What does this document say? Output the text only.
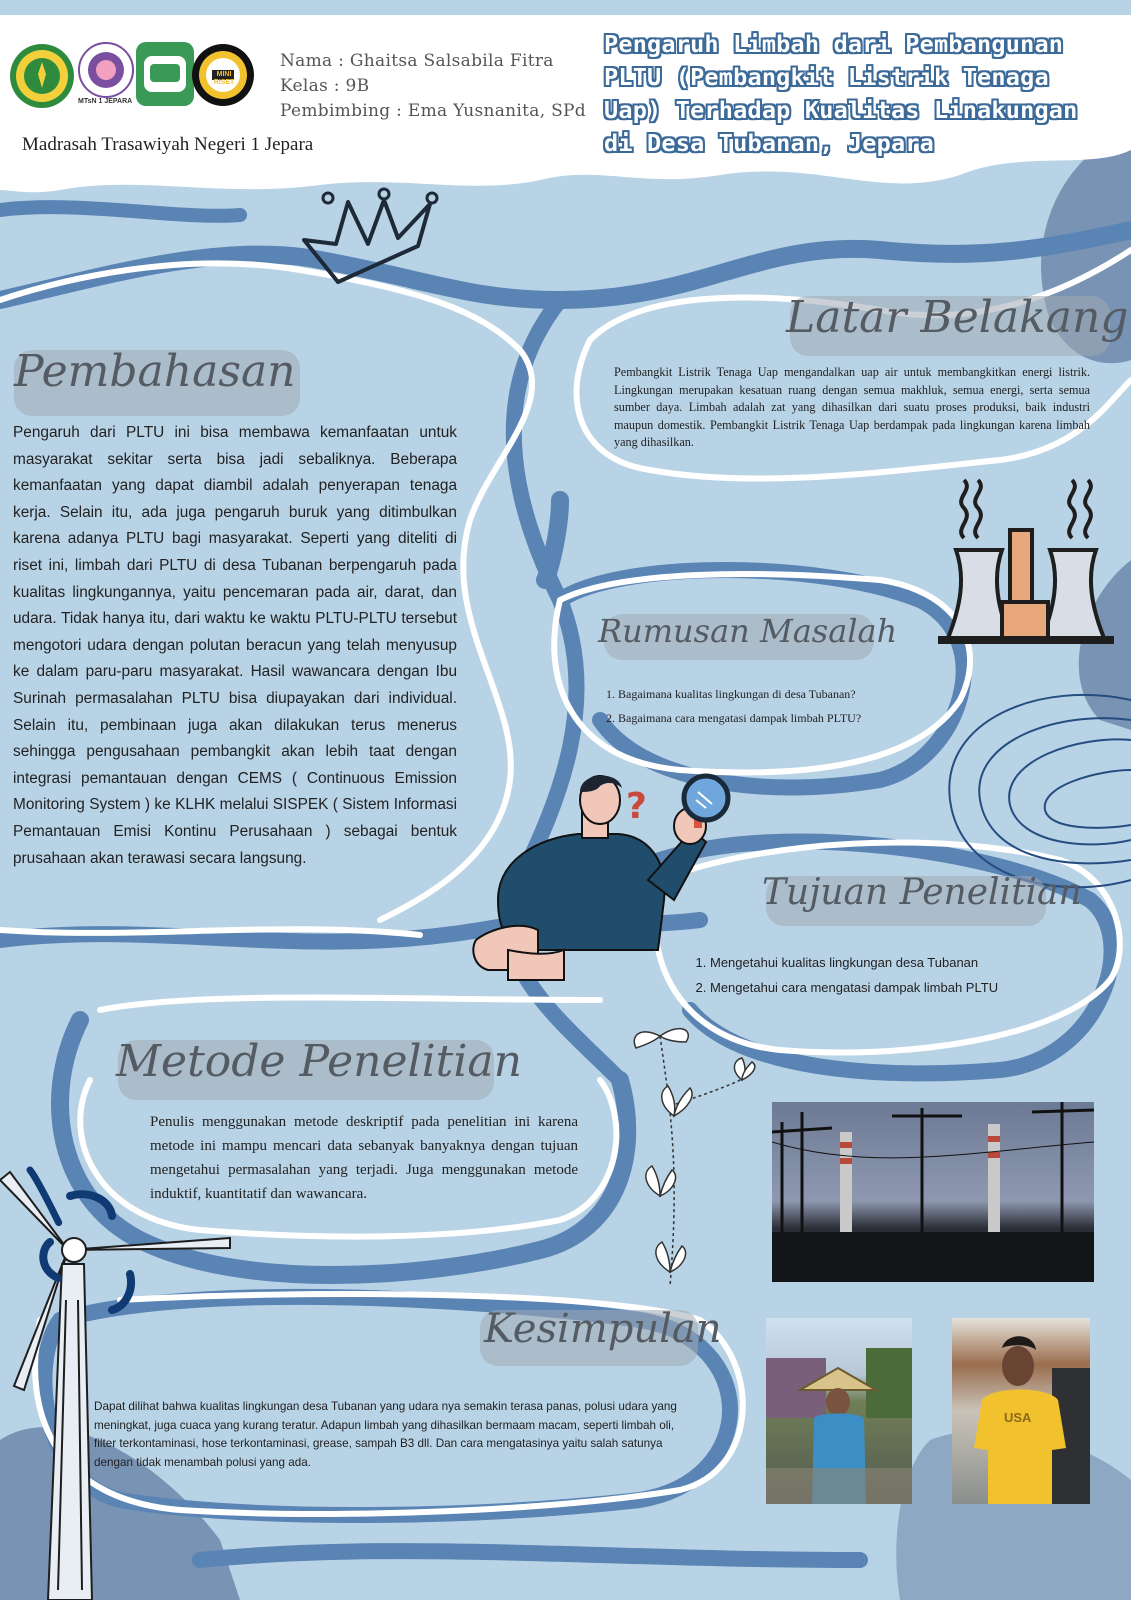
MTsN 1 JEPARA
MINI RISET
Nama : Ghaitsa Salsabila Fitra
Kelas : 9B
Pembimbing : Ema Yusnanita, SPd
Madrasah Trasawiyah Negeri 1 Jepara
Pengaruh Limbah dari Pembangunan
PLTU (Pembangkit Listrik Tenaga
Uap) Terhadap Kualitas Linakungan
di Desa Tubanan, Jepara
Latar Belakang
Pembangkit Listrik Tenaga Uap mengandalkan uap air untuk membangkitkan energi listrik. Lingkungan merupakan kesatuan ruang dengan semua makhluk, semua energi, serta semua sumber daya. Limbah adalah zat yang dihasilkan dari suatu proses produksi, baik industri maupun domestik. Pembangkit Listrik Tenaga Uap berdampak pada lingkungan karena limbah yang dihasilkan.
Pembahasan
Pengaruh dari PLTU ini bisa membawa kemanfaatan untuk masyarakat sekitar serta bisa jadi sebaliknya. Beberapa kemanfaatan yang dapat diambil adalah penyerapan tenaga kerja. Selain itu, ada juga pengaruh buruk yang ditimbulkan karena adanya PLTU bagi masyarakat. Seperti yang diteliti di riset ini, limbah dari PLTU di desa Tubanan berpengaruh pada kualitas lingkungannya, yaitu pencemaran pada air, darat, dan udara. Tidak hanya itu, dari waktu ke waktu PLTU-PLTU tersebut mengotori udara dengan polutan beracun yang telah menyusup ke dalam paru-paru masyarakat. Hasil wawancara dengan Ibu Surinah permasalahan PLTU bisa diupayakan dari individual. Selain itu, pembinaan juga akan dilakukan terus menerus sehingga pengusahaan pembangkit akan lebih taat dengan integrasi pemantauan dengan CEMS ( Continuous Emission Monitoring System ) ke KLHK melalui SISPEK ( Sistem Informasi Pemantauan Emisi Kontinu Perusahaan ) sebagai bentuk prusahaan akan terawasi secara langsung.
Rumusan Masalah
1. Bagaimana kualitas lingkungan di desa Tubanan?
2. Bagaimana cara mengatasi dampak limbah PLTU?
?
Tujuan Penelitian
1. Mengetahui kualitas lingkungan desa Tubanan
2. Mengetahui cara mengatasi dampak limbah PLTU
Metode Penelitian
Penulis menggunakan metode deskriptif pada penelitian ini karena metode ini mampu mencari data sebanyak banyaknya dengan tujuan mengetahui permasalahan yang terjadi. Juga menggunakan metode induktif, kuantitatif dan wawancara.
Kesimpulan
Dapat dilihat bahwa kualitas lingkungan desa Tubanan yang udara nya semakin terasa panas, polusi udara yang meningkat, juga cuaca yang kurang teratur. Adapun limbah yang dihasilkan bermaam macam, seperti limbah oli, filter terkontaminasi, hose terkontaminasi, grease, sampah B3 dll. Dan cara mengatasinya yaitu salah satunya dengan tidak menambah polusi yang ada.
USA
